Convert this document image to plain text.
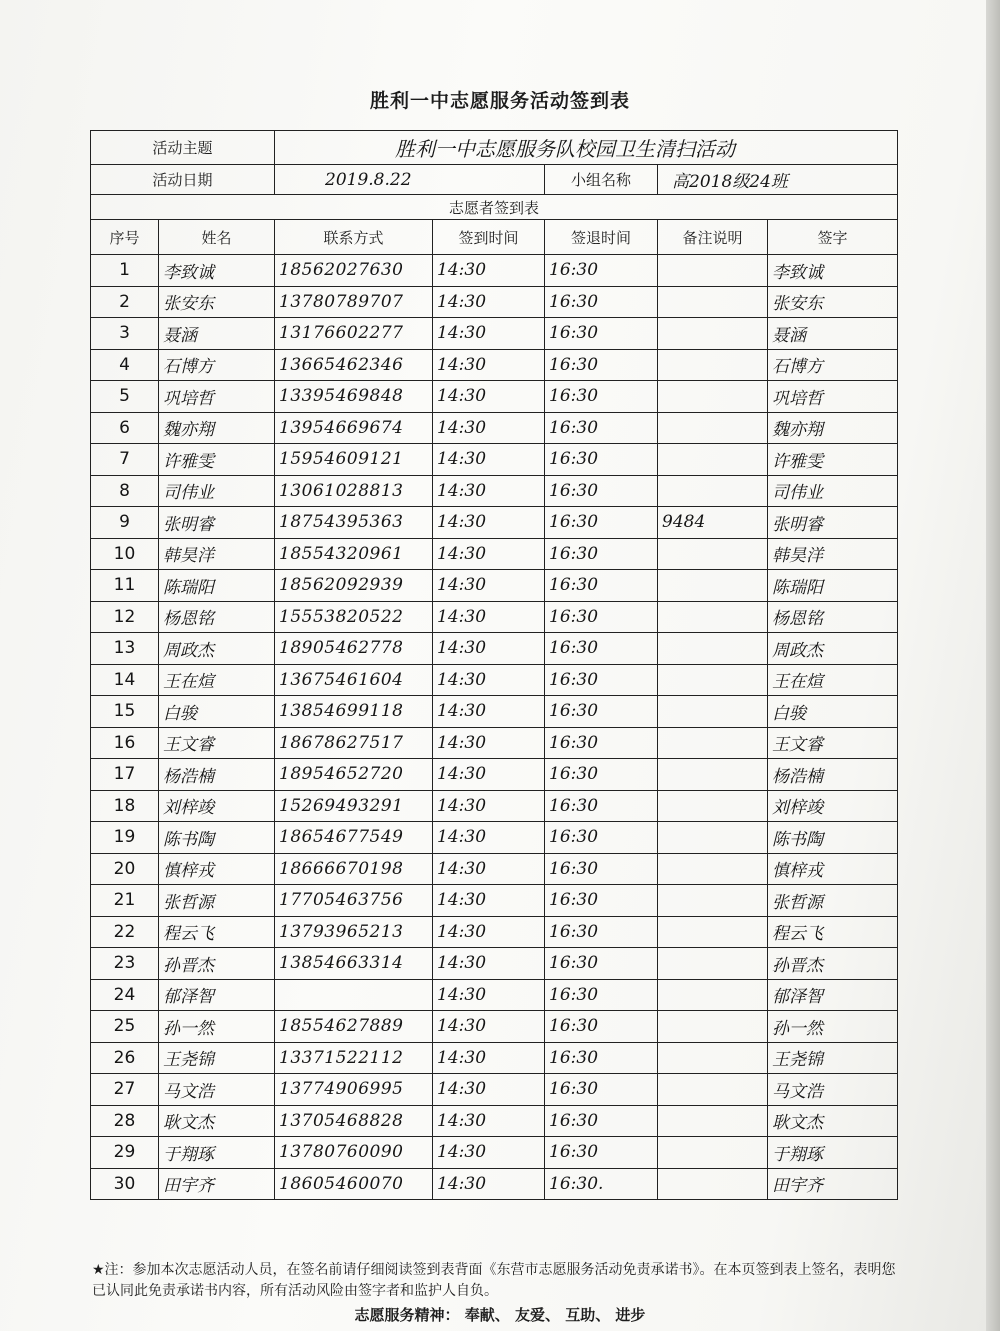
胜利一中志愿服务活动签到表
活动主题		胜利一中志愿服务队校园卫生清扫活动				
活动日期		2019.8.22		小组名称	高2018级24班	
志愿者签到表						
序号	姓名	联系方式	签到时间	签退时间	备注说明	签字
1	李致诚	18562027630	14:30	16:30		李致诚
2	张安东	13780789707	14:30	16:30		张安东
3	聂涵	13176602277	14:30	16:30		聂涵
4	石博方	13665462346	14:30	16:30		石博方
5	巩培哲	13395469848	14:30	16:30		巩培哲
6	魏亦翔	13954669674	14:30	16:30		魏亦翔
7	许雅雯	15954609121	14:30	16:30		许雅雯
8	司伟业	13061028813	14:30	16:30		司伟业
9	张明睿	18754395363	14:30	16:30	9484	张明睿
10	韩昊洋	18554320961	14:30	16:30		韩昊洋
11	陈瑞阳	18562092939	14:30	16:30		陈瑞阳
12	杨恩铭	15553820522	14:30	16:30		杨恩铭
13	周政杰	18905462778	14:30	16:30		周政杰
14	王在煊	13675461604	14:30	16:30		王在煊
15	白骏	13854699118	14:30	16:30		白骏
16	王文睿	18678627517	14:30	16:30		王文睿
17	杨浩楠	18954652720	14:30	16:30		杨浩楠
18	刘梓竣	15269493291	14:30	16:30		刘梓竣
19	陈书陶	18654677549	14:30	16:30		陈书陶
20	慎梓戎	18666670198	14:30	16:30		慎梓戎
21	张哲源	17705463756	14:30	16:30		张哲源
22	程云飞	13793965213	14:30	16:30		程云飞
23	孙晋杰	13854663314	14:30	16:30		孙晋杰
24	郁泽智		14:30	16:30		郁泽智
25	孙一然	18554627889	14:30	16:30		孙一然
26	王尧锦	13371522112	14:30	16:30		王尧锦
27	马文浩	13774906995	14:30	16:30		马文浩
28	耿文杰	13705468828	14:30	16:30		耿文杰
29	于翔琢	13780760090	14:30	16:30		于翔琢
30	田宇齐	18605460070	14:30	16:30.		田宇齐
★注：参加本次志愿活动人员，在签名前请仔细阅读签到表背面《东营市志愿服务活动免责承诺书》。在本页签到表上签名，表明您已认同此免责承诺书内容，所有活动风险由签字者和监护人自负。
志愿服务精神： 奉献、 友爱、 互助、 进步
